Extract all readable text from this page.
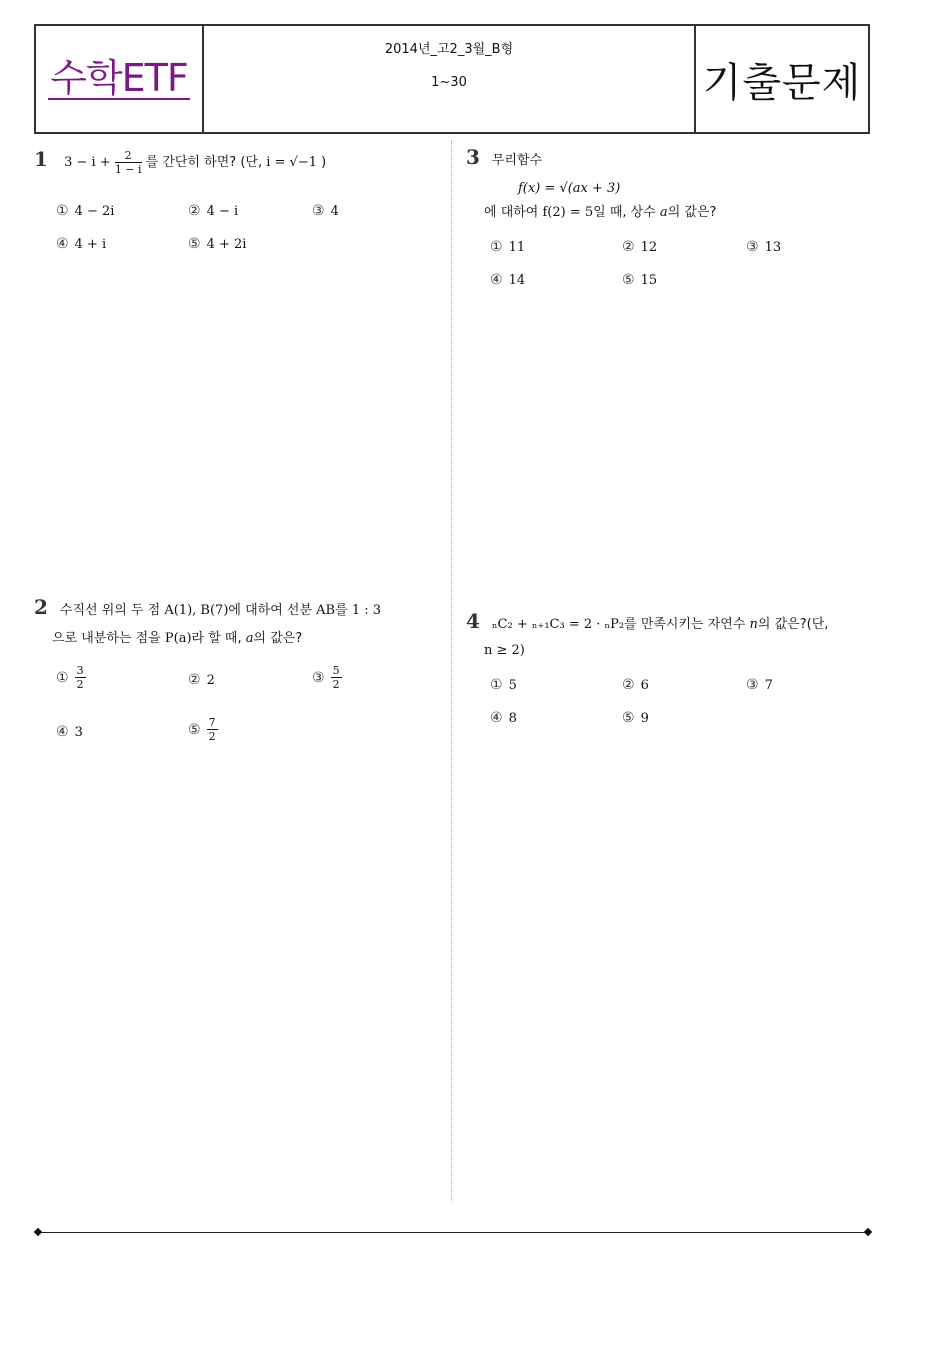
수학ETF
2014년_고2_3월_B형
1~30	기출문제
1 $3 - i + \frac{2}{1 - i}$ 를 간단히 하면? (단, i = √−1 )
① 4 − 2i	② 4 − i	③ 4
④ 4 + i	⑤ 4 + 2i
2 수직선 위의 두 점 A(1), B(7)에 대하여 선분 AB를 1 : 3
으로 내분하는 점을 P(a)라 할 때, a의 값은?
① $\frac{3}{2}$	② 2	③ $\frac{5}{2}$
④ 3	⑤ $\frac{7}{2}$
3 무리함수
f(x) = √(ax + 3)
에 대하여 f(2) = 5일 때, 상수 a의 값은?
① 11	② 12	③ 13
④ 14	⑤ 15
4 ₙC₂ + ₙ₊₁C₃ = 2 · ₙP₂를 만족시키는 자연수 n의 값은?(단,
n ≥ 2)
① 5	② 6	③ 7
④ 8	⑤ 9
